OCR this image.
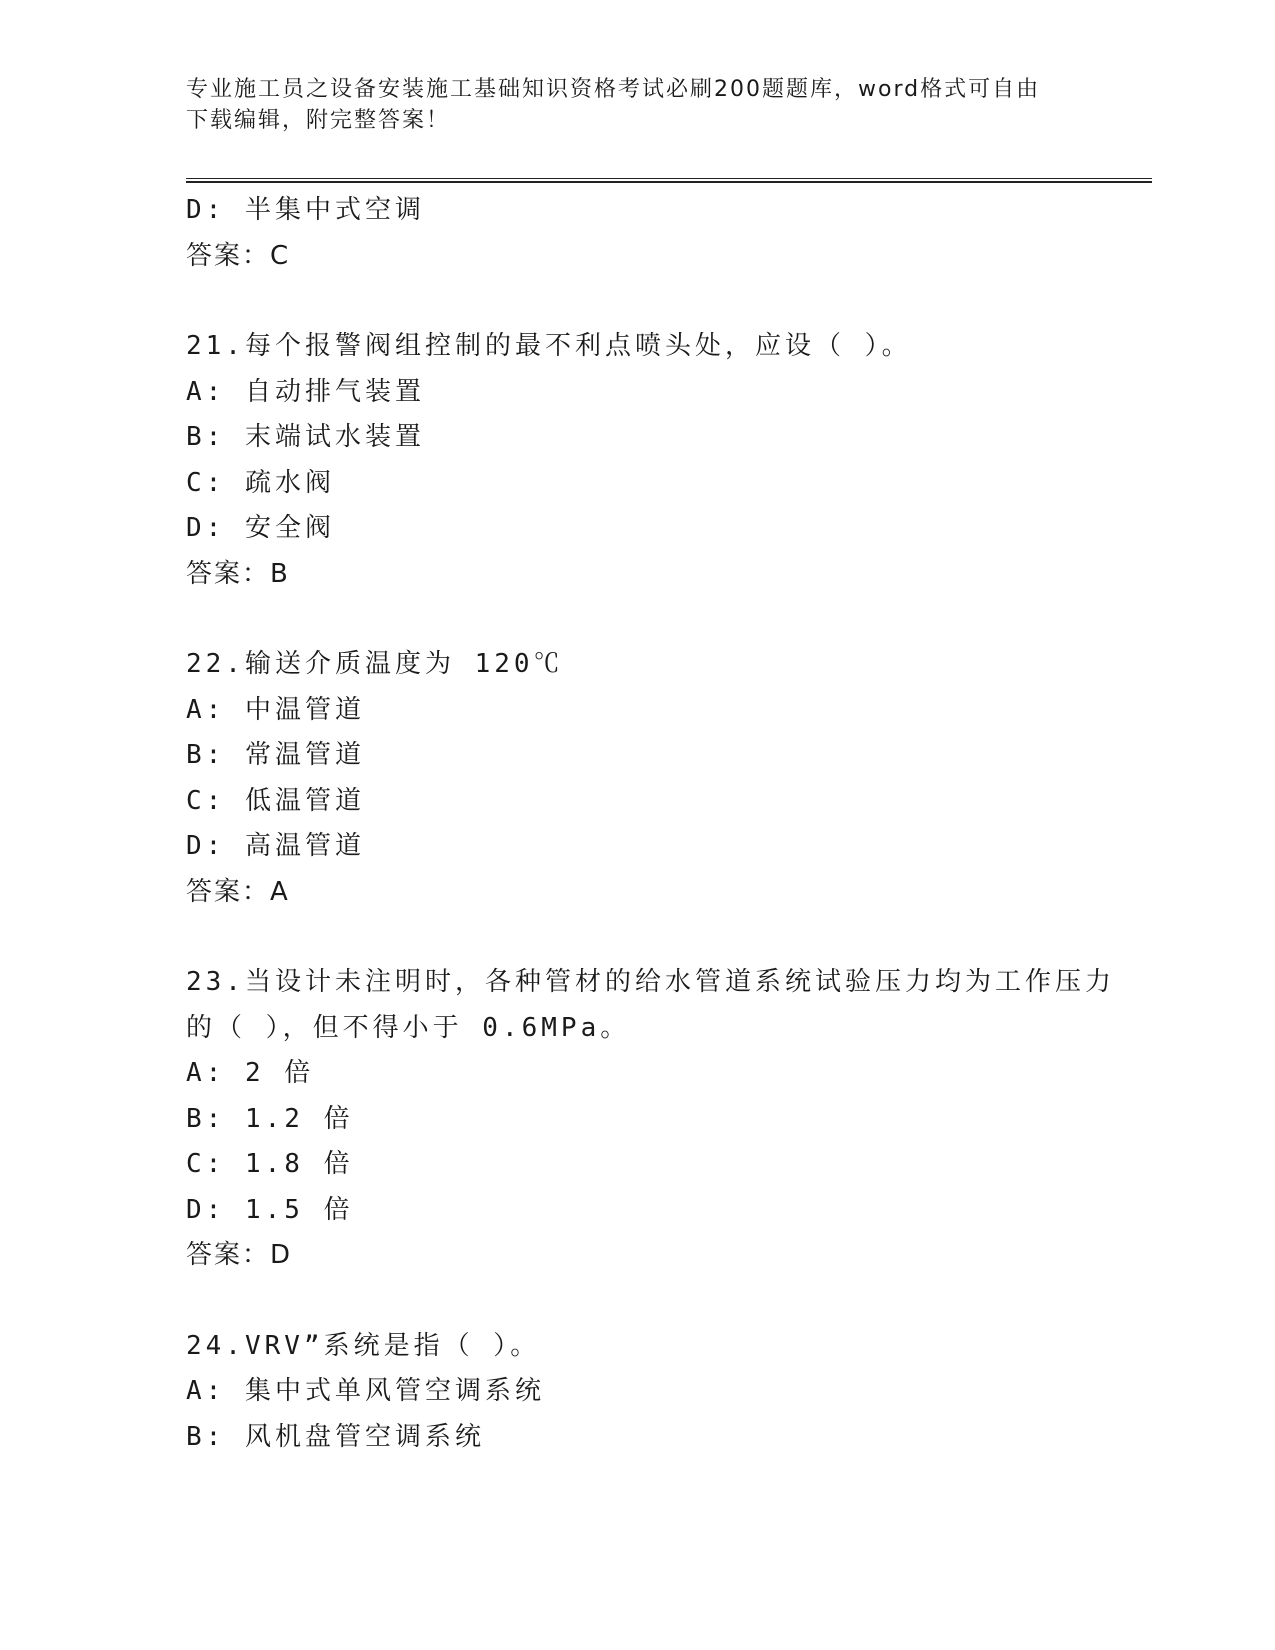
专业施工员之设备安装施工基础知识资格考试必刷200题题库，word格式可自由
下载编辑，附完整答案！
D: 半集中式空调
答案：C
21.每个报警阀组控制的最不利点喷头处，应设（ ）。
A: 自动排气装置
B: 末端试水装置
C: 疏水阀
D: 安全阀
答案：B
22.输送介质温度为 120℃
A: 中温管道
B: 常温管道
C: 低温管道
D: 高温管道
答案：A
23.当设计未注明时，各种管材的给水管道系统试验压力均为工作压力
的（ ），但不得小于 0.6MPa。
A: 2 倍
B: 1.2 倍
C: 1.8 倍
D: 1.5 倍
答案：D
24.VRV”系统是指（ ）。
A: 集中式单风管空调系统
B: 风机盘管空调系统
